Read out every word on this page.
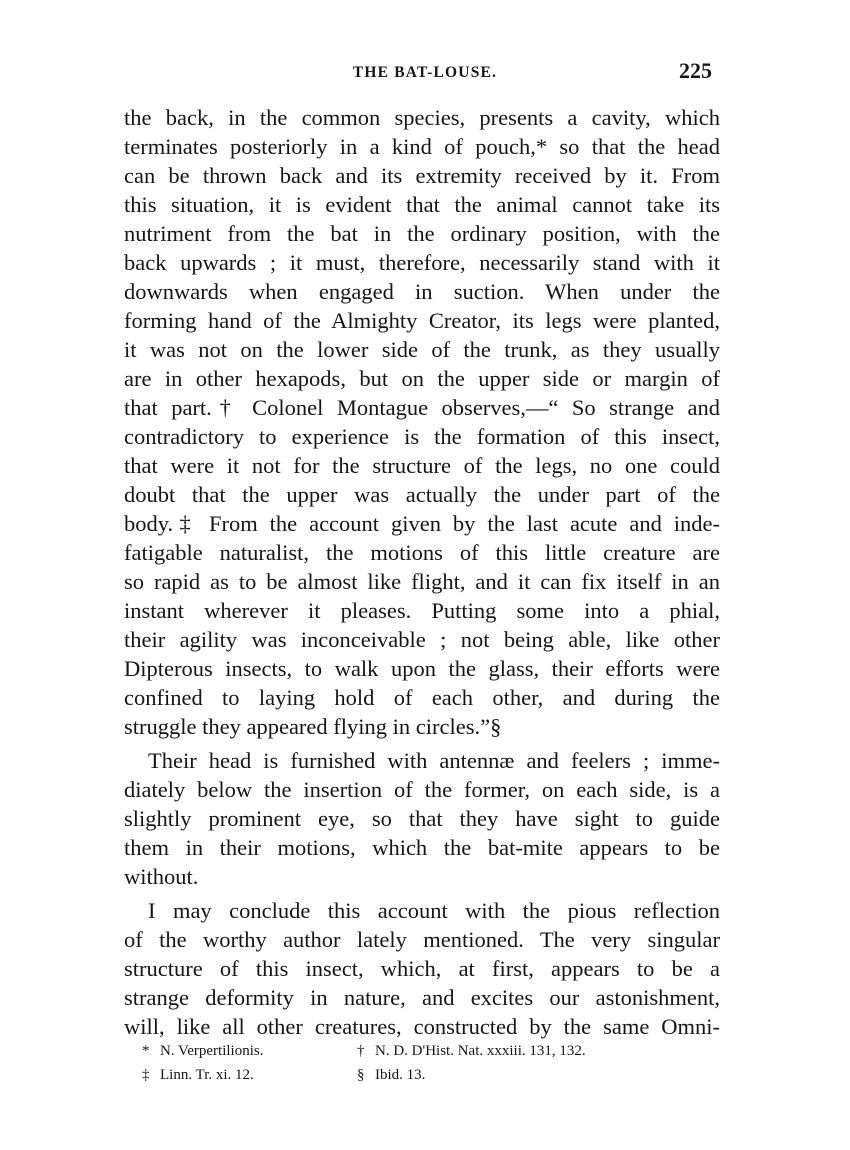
THE BAT-LOUSE.	225
the back, in the common species, presents a cavity, which
terminates posteriorly in a kind of pouch,* so that the head
can be thrown back and its extremity received by it. From
this situation, it is evident that the animal cannot take its
nutriment from the bat in the ordinary position, with the
back upwards ; it must, therefore, necessarily stand with it
downwards when engaged in suction. When under the
forming hand of the Almighty Creator, its legs were planted,
it was not on the lower side of the trunk, as they usually
are in other hexapods, but on the upper side or margin of
that part.† Colonel Montague observes,—“ So strange and
contradictory to experience is the formation of this insect,
that were it not for the structure of the legs, no one could
doubt that the upper was actually the under part of the
body.‡ From the account given by the last acute and inde-
fatigable naturalist, the motions of this little creature are
so rapid as to be almost like flight, and it can fix itself in an
instant wherever it pleases. Putting some into a phial,
their agility was inconceivable ; not being able, like other
Dipterous insects, to walk upon the glass, their efforts were
confined to laying hold of each other, and during the
struggle they appeared flying in circles.”§
Their head is furnished with antennæ and feelers ; imme-
diately below the insertion of the former, on each side, is a
slightly prominent eye, so that they have sight to guide
them in their motions, which the bat-mite appears to be
without.
I may conclude this account with the pious reflection
of the worthy author lately mentioned. The very singular
structure of this insect, which, at first, appears to be a
strange deformity in nature, and excites our astonishment,
will, like all other creatures, constructed by the same Omni-
* N. Verpertilionis.	† N. D. D'Hist. Nat. xxxiii. 131, 132.
‡ Linn. Tr. xi. 12.	§ Ibid. 13.
